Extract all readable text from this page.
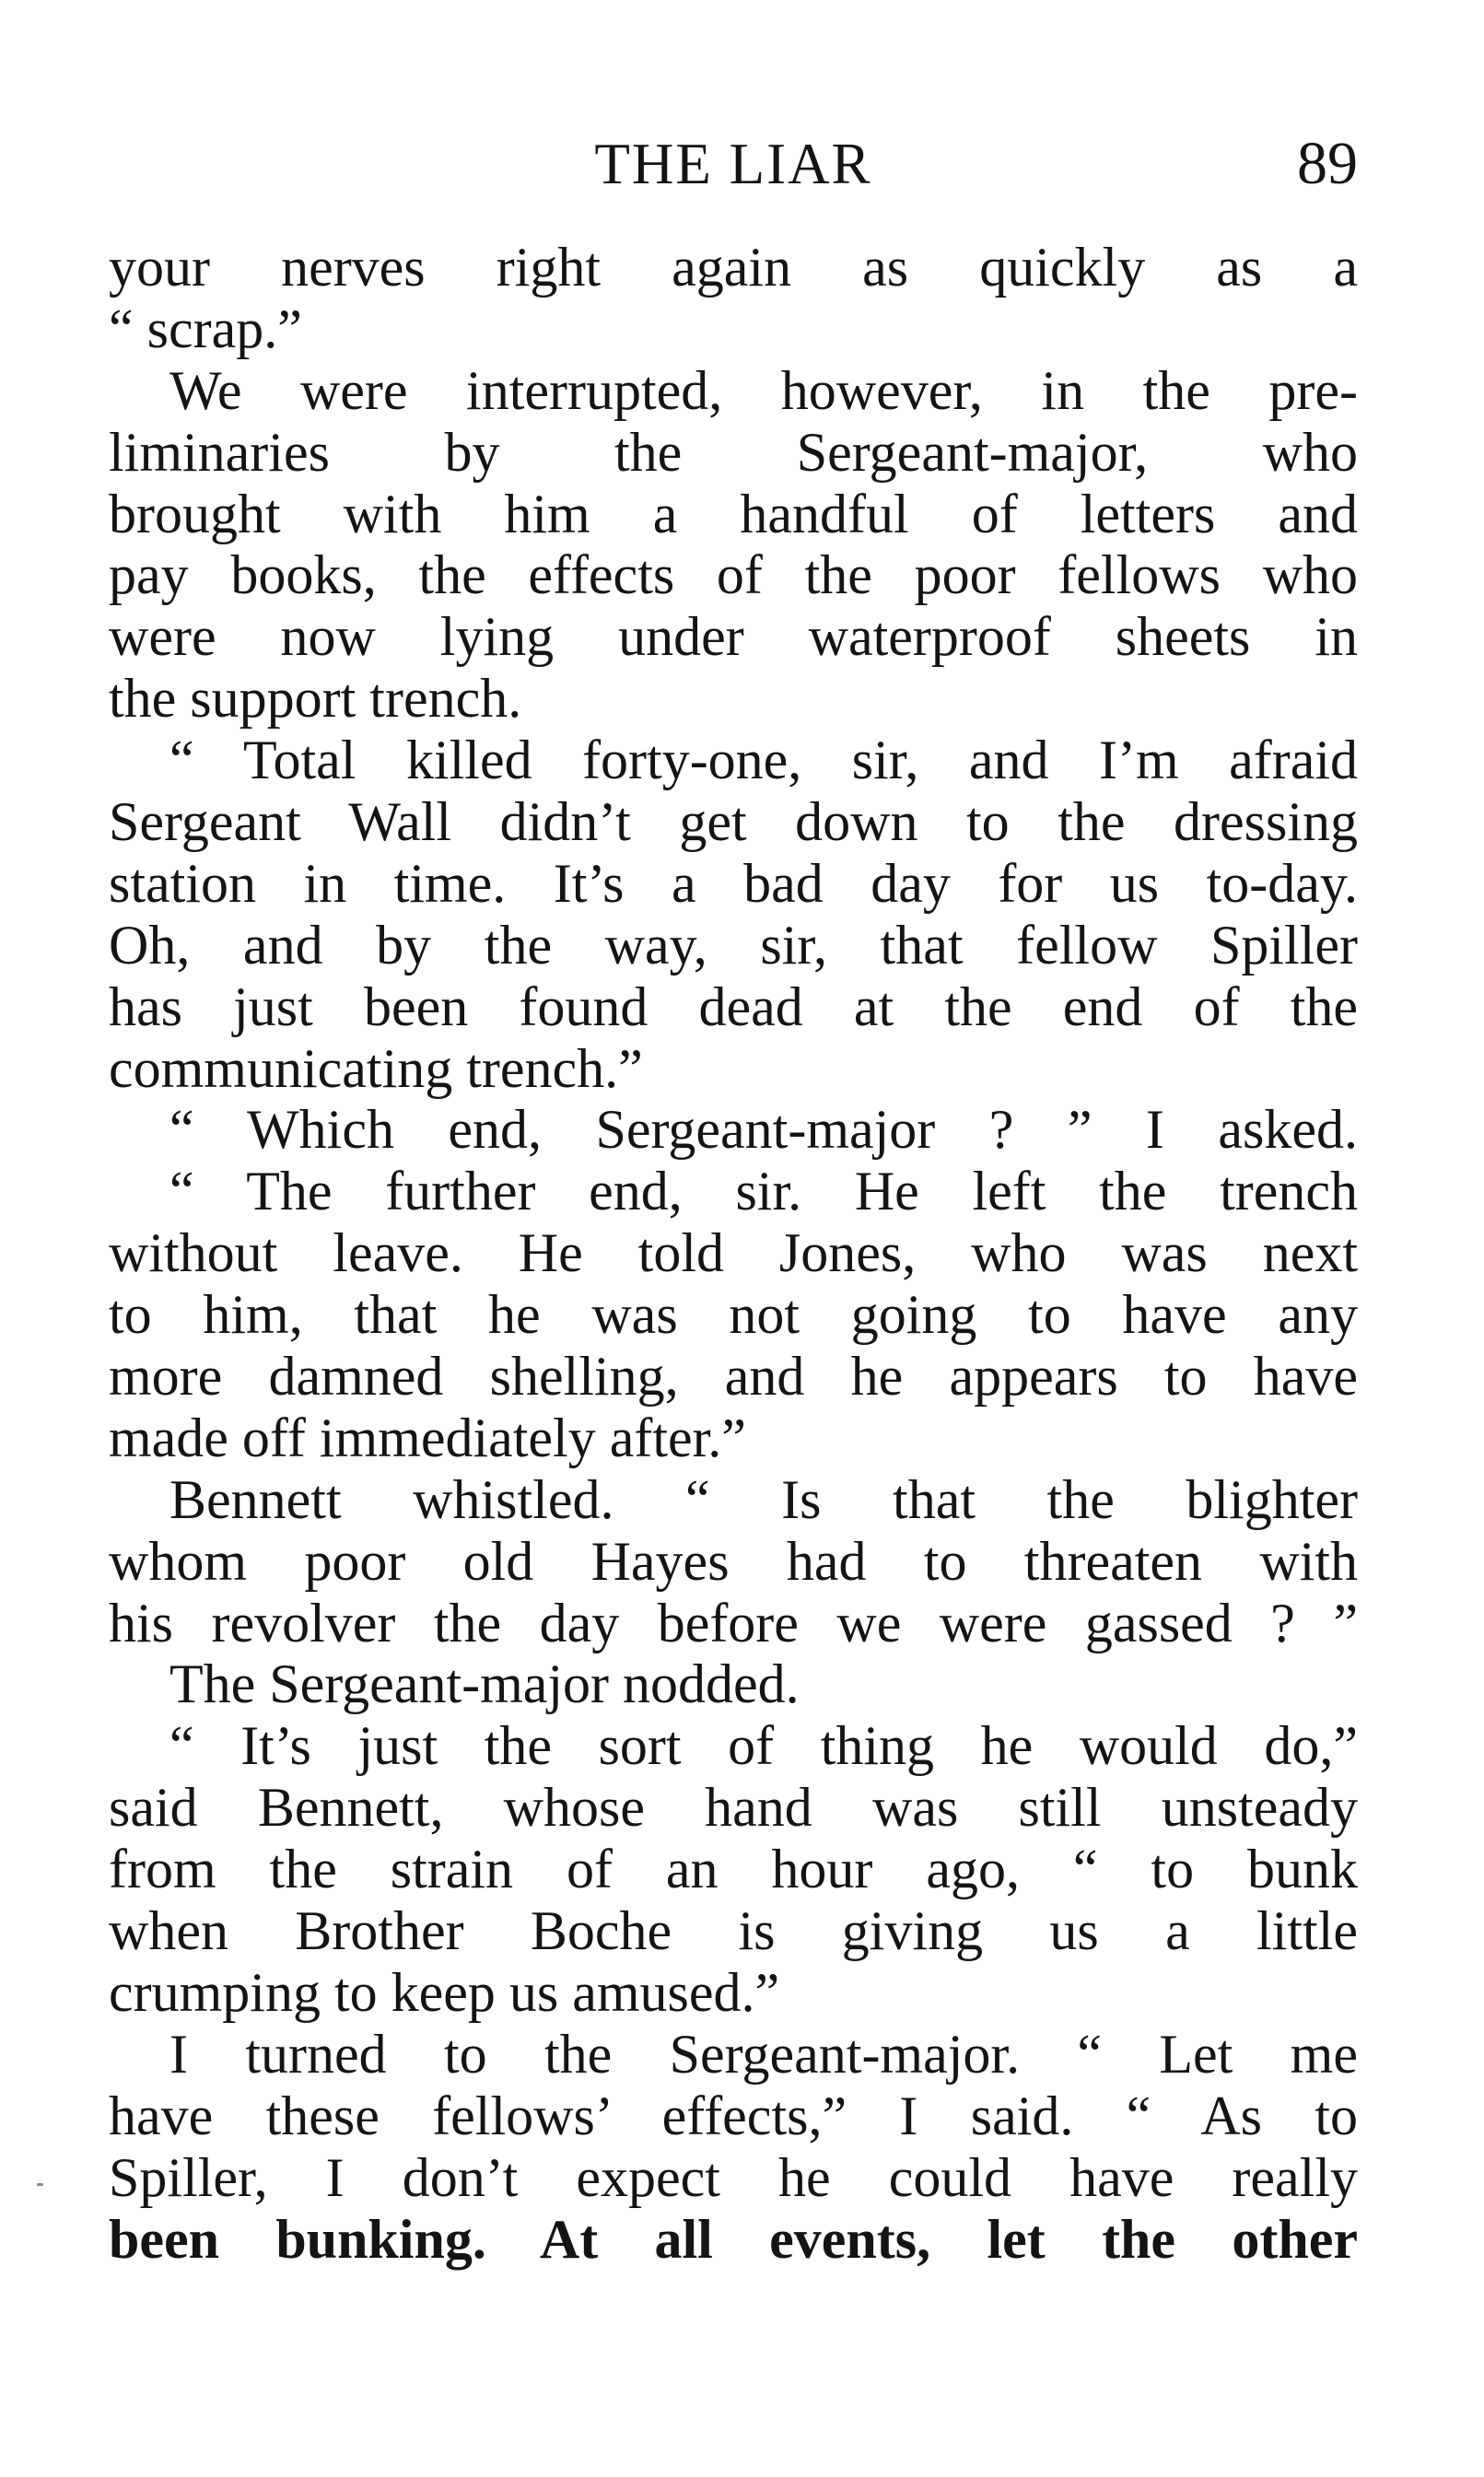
THE LIAR	89
your nerves right again as quickly as a
“ scrap.”
We were interrupted, however, in the pre-
liminaries by the Sergeant-major, who
brought with him a handful of letters and
pay books, the effects of the poor fellows who
were now lying under waterproof sheets in
the support trench.
“ Total killed forty-one, sir, and I’m afraid
Sergeant Wall didn’t get down to the dressing
station in time. It’s a bad day for us to-day.
Oh, and by the way, sir, that fellow Spiller
has just been found dead at the end of the
communicating trench.”
“ Which end, Sergeant-major ? ” I asked.
“ The further end, sir. He left the trench
without leave. He told Jones, who was next
to him, that he was not going to have any
more damned shelling, and he appears to have
made off immediately after.”
Bennett whistled. “ Is that the blighter
whom poor old Hayes had to threaten with
his revolver the day before we were gassed ? ”
The Sergeant-major nodded.
“ It’s just the sort of thing he would do,”
said Bennett, whose hand was still unsteady
from the strain of an hour ago, “ to bunk
when Brother Boche is giving us a little
crumping to keep us amused.”
I turned to the Sergeant-major. “ Let me
have these fellows’ effects,” I said. “ As to
Spiller, I don’t expect he could have really
been bunking. At all events, let the other
